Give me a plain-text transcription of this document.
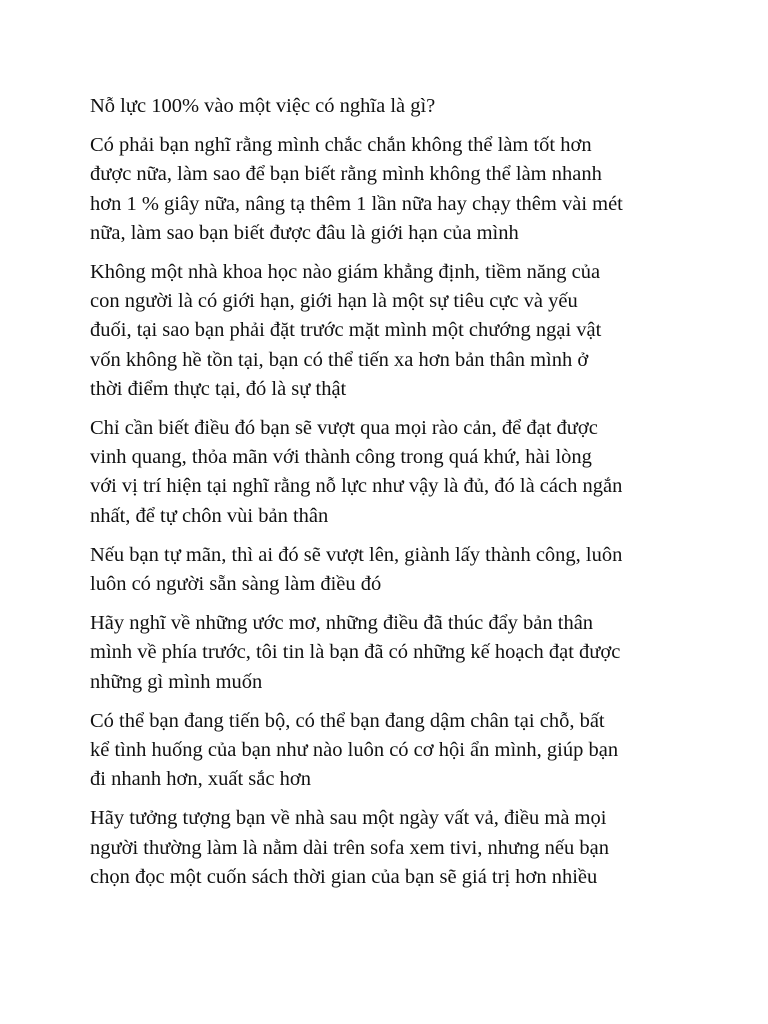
Nỗ lực 100% vào một việc có nghĩa là gì?

Có phải bạn nghĩ rằng mình chắc chắn không thể làm tốt hơn
được nữa, làm sao để bạn biết rằng mình không thể làm nhanh
hơn 1 % giây nữa, nâng tạ thêm 1 lần nữa hay chạy thêm vài mét
nữa, làm sao bạn biết được đâu là giới hạn của mình

Không một nhà khoa học nào giám khẳng định, tiềm năng của
con người là có giới hạn, giới hạn là một sự tiêu cực và yếu
đuối, tại sao bạn phải đặt trước mặt mình một chướng ngại vật
vốn không hề tồn tại, bạn có thể tiến xa hơn bản thân mình ở
thời điểm thực tại, đó là sự thật

Chỉ cần biết điều đó bạn sẽ vượt qua mọi rào cản, để đạt được
vinh quang, thỏa mãn với thành công trong quá khứ, hài lòng
với vị trí hiện tại nghĩ rằng nỗ lực như vậy là đủ, đó là cách ngắn
nhất, để tự chôn vùi bản thân

Nếu bạn tự mãn, thì ai đó sẽ vượt lên, giành lấy thành công, luôn
luôn có người sẵn sàng làm điều đó

Hãy nghĩ về những ước mơ, những điều đã thúc đẩy bản thân
mình về phía trước, tôi tin là bạn đã có những kế hoạch đạt được
những gì mình muốn

Có thể bạn đang tiến bộ, có thể bạn đang dậm chân tại chỗ, bất
kể tình huống của bạn như nào luôn có cơ hội ẩn mình, giúp bạn
đi nhanh hơn, xuất sắc hơn

Hãy tưởng tượng bạn về nhà sau một ngày vất vả, điều mà mọi
người thường làm là nằm dài trên sofa xem tivi, nhưng nếu bạn
chọn đọc một cuốn sách thời gian của bạn sẽ giá trị hơn nhiều
